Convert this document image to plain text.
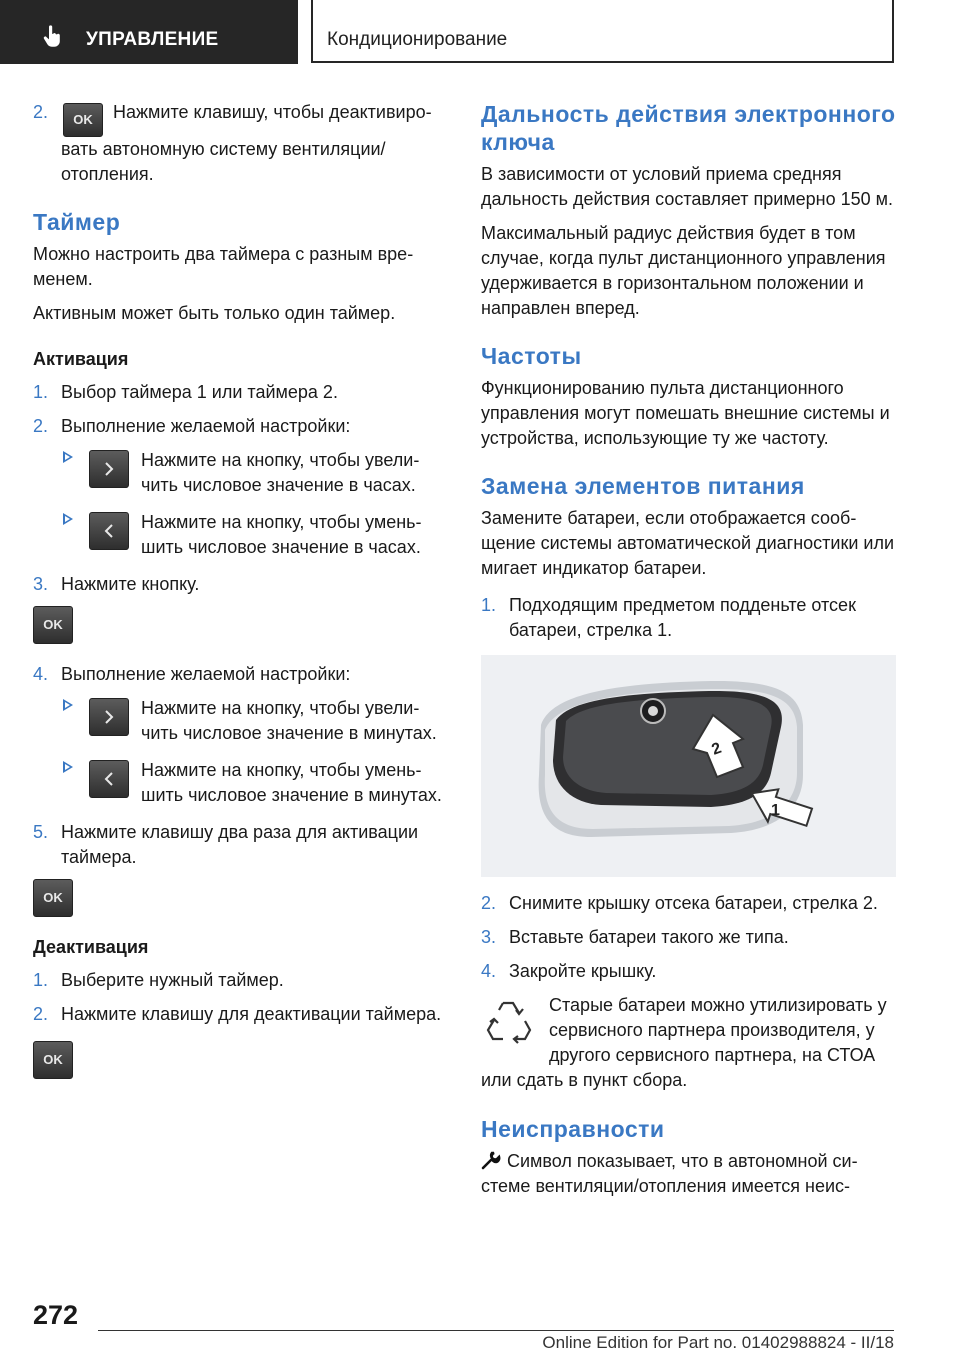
УПРАВЛЕНИЕ	Кондиционирование
2. OK Нажмите клавишу, чтобы деактивировать автономную систему вентиляции/отопления.
Таймер

Можно настроить два таймера с разным временем.

Активным может быть только один таймер.

Активация
1. Выбор таймера 1 или таймера 2.
2. Выполнение желаемой настройки:
Нажмите на кнопку, чтобы увеличить числовое значение в часах.
Нажмите на кнопку, чтобы уменьшить числовое значение в часах.
3. Нажмите кнопку.
OK
4. Выполнение желаемой настройки:
Нажмите на кнопку, чтобы увеличить числовое значение в минутах.
Нажмите на кнопку, чтобы уменьшить числовое значение в минутах.
5. Нажмите клавишу два раза для активации таймера.
OK
Деактивация
1. Выберите нужный таймер.
2. Нажмите клавишу для деактивации таймера.
OK
Дальность действия электронного ключа

В зависимости от условий приема средняя дальность действия составляет примерно 150 м.

Максимальный радиус действия будет в том случае, когда пульт дистанционного управления удерживается в горизонтальном положении и направлен вперед.

Частоты

Функционированию пульта дистанционного управления могут помешать внешние системы и устройства, использующие ту же частоту.

Замена элементов питания

Замените батареи, если отображается сообщение системы автоматической диагностики или мигает индикатор батареи.

1. Подходящим предметом подденьте отсек батареи, стрелка 1.
2
1
2. Снимите крышку отсека батареи, стрелка 2.
3. Вставьте батареи такого же типа.
4. Закройте крышку.
Старые батареи можно утилизировать у сервисного партнера производителя, у другого сервисного партнера, на СТОА или сдать в пункт сбора.
Неисправности

Символ показывает, что в автономной системе вентиляции/отопления имеется неис-

272
Online Edition for Part no. 01402988824 - II/18
